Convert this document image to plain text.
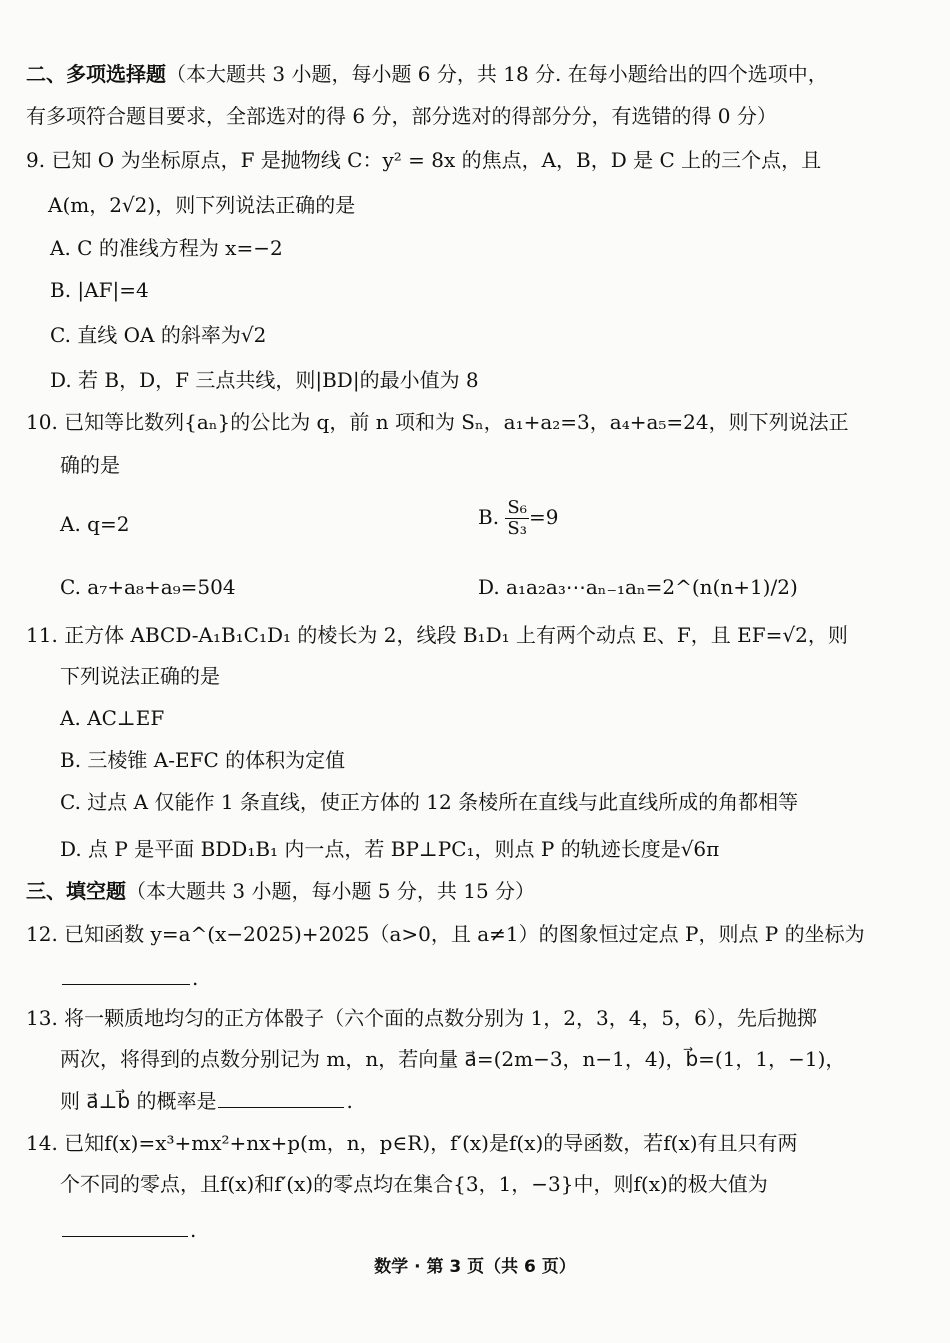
二、多项选择题（本大题共 3 小题，每小题 6 分，共 18 分. 在每小题给出的四个选项中，
有多项符合题目要求，全部选对的得 6 分，部分选对的得部分分，有选错的得 0 分）
9. 已知 O 为坐标原点，F 是抛物线 C：y² = 8x 的焦点，A，B，D 是 C 上的三个点，且
A(m，2√2)，则下列说法正确的是
A. C 的准线方程为 x=−2
B. |AF|=4
C. 直线 OA 的斜率为√2
D. 若 B，D，F 三点共线，则|BD|的最小值为 8
10. 已知等比数列{aₙ}的公比为 q，前 n 项和为 Sₙ，a₁+a₂=3，a₄+a₅=24，则下列说法正
确的是
A. q=2	B. $\frac{\text{S₆}}{\text{S₃}} =9$
C. a₇+a₈+a₉=504	D. a₁a₂a₃⋯aₙ₋₁aₙ=2^(n(n+1)/2)
11. 正方体 ABCD-A₁B₁C₁D₁ 的棱长为 2，线段 B₁D₁ 上有两个动点 E、F，且 EF=√2，则
下列说法正确的是
A. AC⊥EF
B. 三棱锥 A-EFC 的体积为定值
C. 过点 A 仅能作 1 条直线，使正方体的 12 条棱所在直线与此直线所成的角都相等
D. 点 P 是平面 BDD₁B₁ 内一点，若 BP⊥PC₁，则点 P 的轨迹长度是√6π
三、填空题（本大题共 3 小题，每小题 5 分，共 15 分）
12. 已知函数 y=a^(x−2025)+2025（a>0，且 a≠1）的图象恒过定点 P，则点 P 的坐标为
.
13. 将一颗质地均匀的正方体骰子（六个面的点数分别为 1，2，3，4，5，6），先后抛掷
两次，将得到的点数分别记为 m，n，若向量 a⃗=(2m−3，n−1，4)，b⃗=(1，1，−1)，
则 a⃗⊥b⃗ 的概率是	.
14. 已知f(x)=x³+mx²+nx+p(m，n，p∈R)，f′(x)是f(x)的导函数，若f(x)有且只有两
个不同的零点，且f(x)和f′(x)的零点均在集合{3，1，−3}中，则f(x)的极大值为
.
数学 · 第 3 页（共 6 页）
